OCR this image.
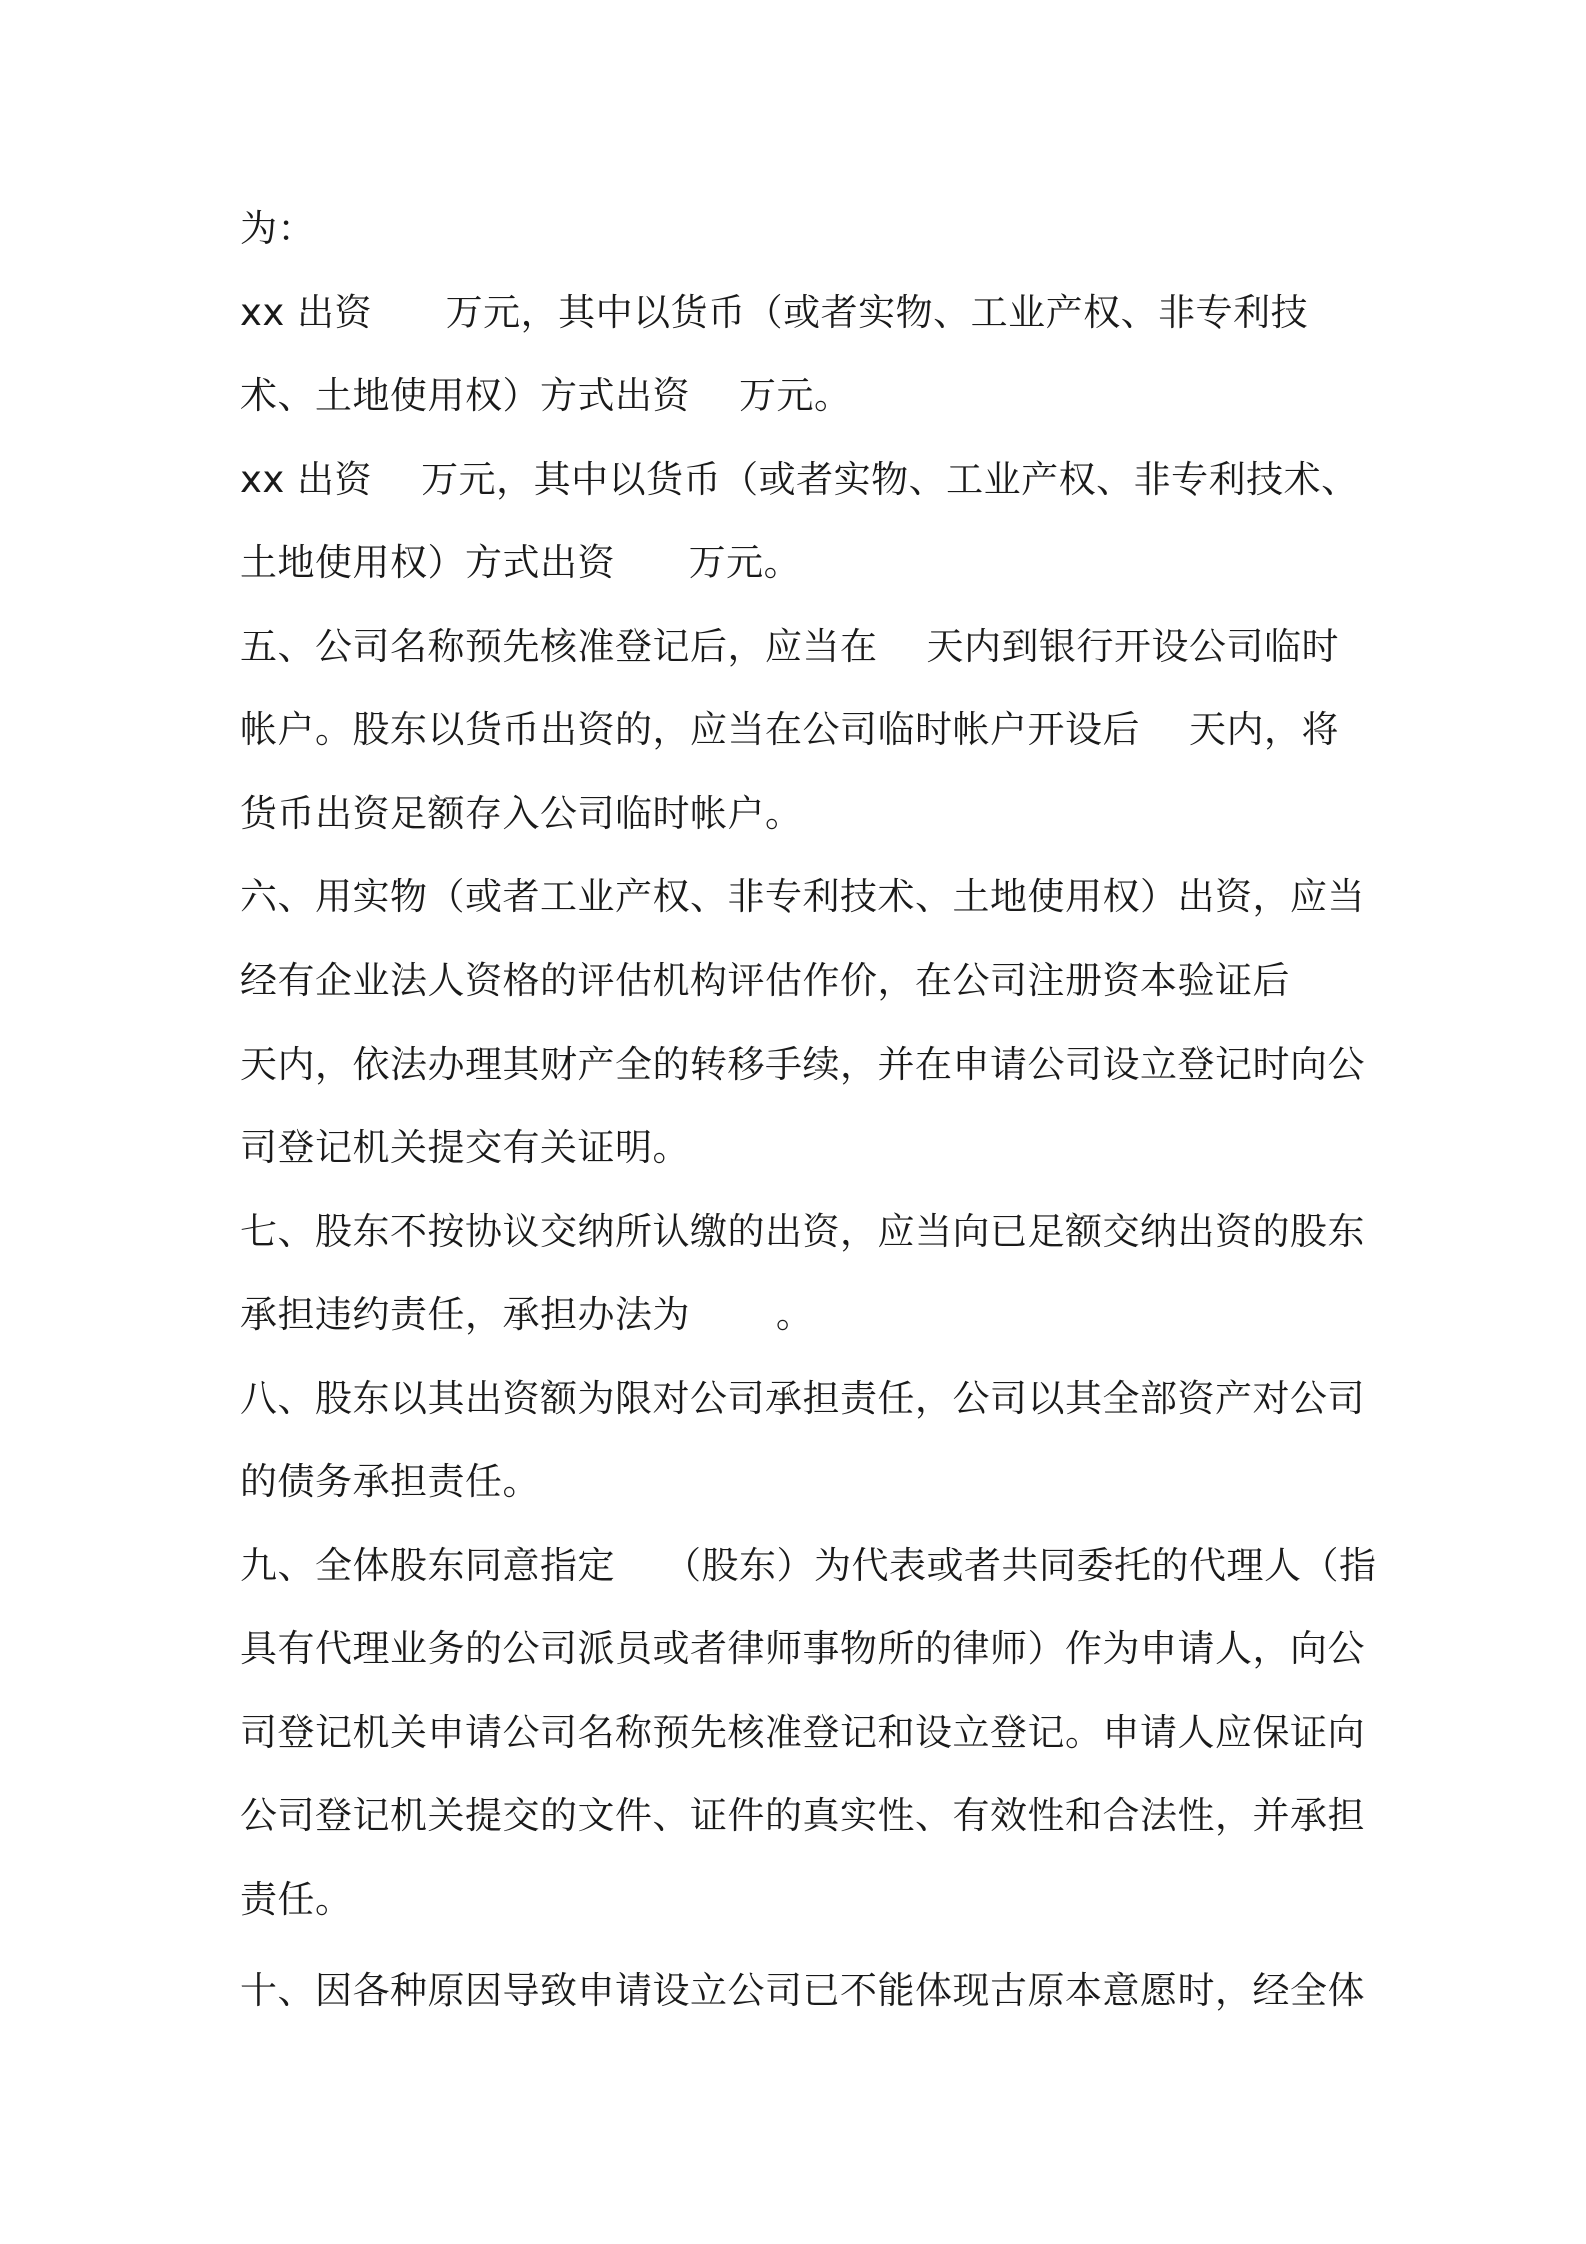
为：
xx 出资      万元，其中以货币（或者实物、工业产权、非专利技
术、土地使用权）方式出资    万元。
xx 出资    万元，其中以货币（或者实物、工业产权、非专利技术、
土地使用权）方式出资      万元。
五、公司名称预先核准登记后，应当在    天内到银行开设公司临时
帐户。股东以货币出资的，应当在公司临时帐户开设后    天内，将
货币出资足额存入公司临时帐户。
六、用实物（或者工业产权、非专利技术、土地使用权）出资，应当
经有企业法人资格的评估机构评估作价，在公司注册资本验证后
天内，依法办理其财产全的转移手续，并在申请公司设立登记时向公
司登记机关提交有关证明。
七、股东不按协议交纳所认缴的出资，应当向已足额交纳出资的股东
承担违约责任，承担办法为       。
八、股东以其出资额为限对公司承担责任，公司以其全部资产对公司
的债务承担责任。
九、全体股东同意指定    （股东）为代表或者共同委托的代理人（指
具有代理业务的公司派员或者律师事物所的律师）作为申请人，向公
司登记机关申请公司名称预先核准登记和设立登记。申请人应保证向
公司登记机关提交的文件、证件的真实性、有效性和合法性，并承担
责任。
十、因各种原因导致申请设立公司已不能体现古原本意愿时，经全体
